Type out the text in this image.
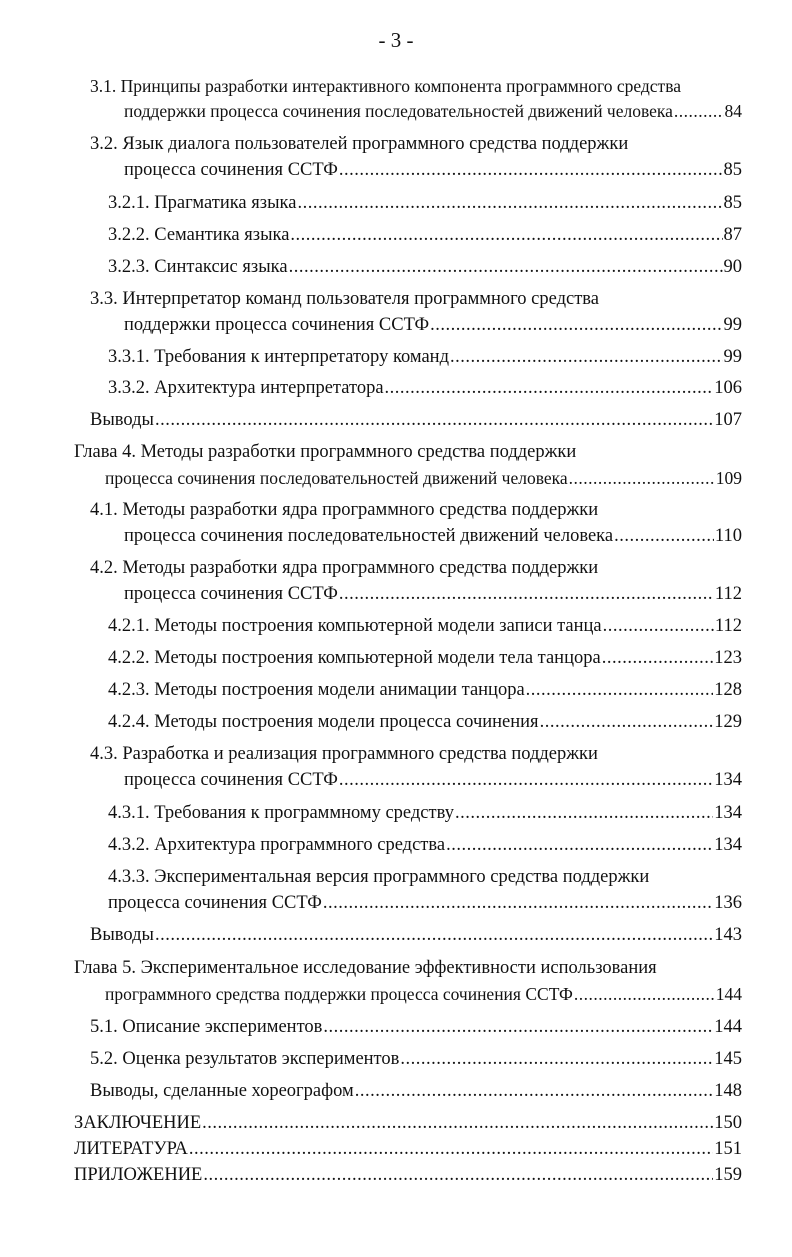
- 3 -
3.1. Принципы разработки интерактивного компонента программного средства
поддержки процесса сочинения последовательностей движений человека .....	84
3.2. Язык диалога пользователей программного средства поддержки
процесса сочинения ССТФ .....	85
3.2.1. Прагматика языка .....	85
3.2.2. Семантика языка .....	87
3.2.3. Синтаксис языка .....	90
3.3. Интерпретатор команд пользователя программного средства
поддержки процесса сочинения ССТФ .....	99
3.3.1. Требования к интерпретатору команд .....	99
3.3.2. Архитектура интерпретатора .....	106
Выводы .....	107
Глава 4. Методы разработки программного средства поддержки
процесса сочинения последовательностей движений человека .....	109
4.1. Методы разработки ядра программного средства поддержки
процесса сочинения последовательностей движений человека .....	110
4.2. Методы разработки ядра программного средства поддержки
процесса сочинения ССТФ .....	112
4.2.1. Методы построения компьютерной модели записи танца .....	112
4.2.2. Методы построения компьютерной модели тела танцора .....	123
4.2.3. Методы построения модели анимации танцора .....	128
4.2.4. Методы построения модели процесса сочинения .....	129
4.3. Разработка и реализация программного средства поддержки
процесса сочинения ССТФ .....	134
4.3.1. Требования к программному средству .....	134
4.3.2. Архитектура программного средства .....	134
4.3.3. Экспериментальная версия программного средства поддержки
процесса сочинения ССТФ .....	136
Выводы .....	143
Глава 5. Экспериментальное исследование эффективности использования
программного средства поддержки процесса сочинения ССТФ .....	144
5.1. Описание экспериментов .....	144
5.2. Оценка результатов экспериментов .....	145
Выводы, сделанные хореографом .....	148
ЗАКЛЮЧЕНИЕ .....	150
ЛИТЕРАТУРА .....	151
ПРИЛОЖЕНИЕ .....	159
